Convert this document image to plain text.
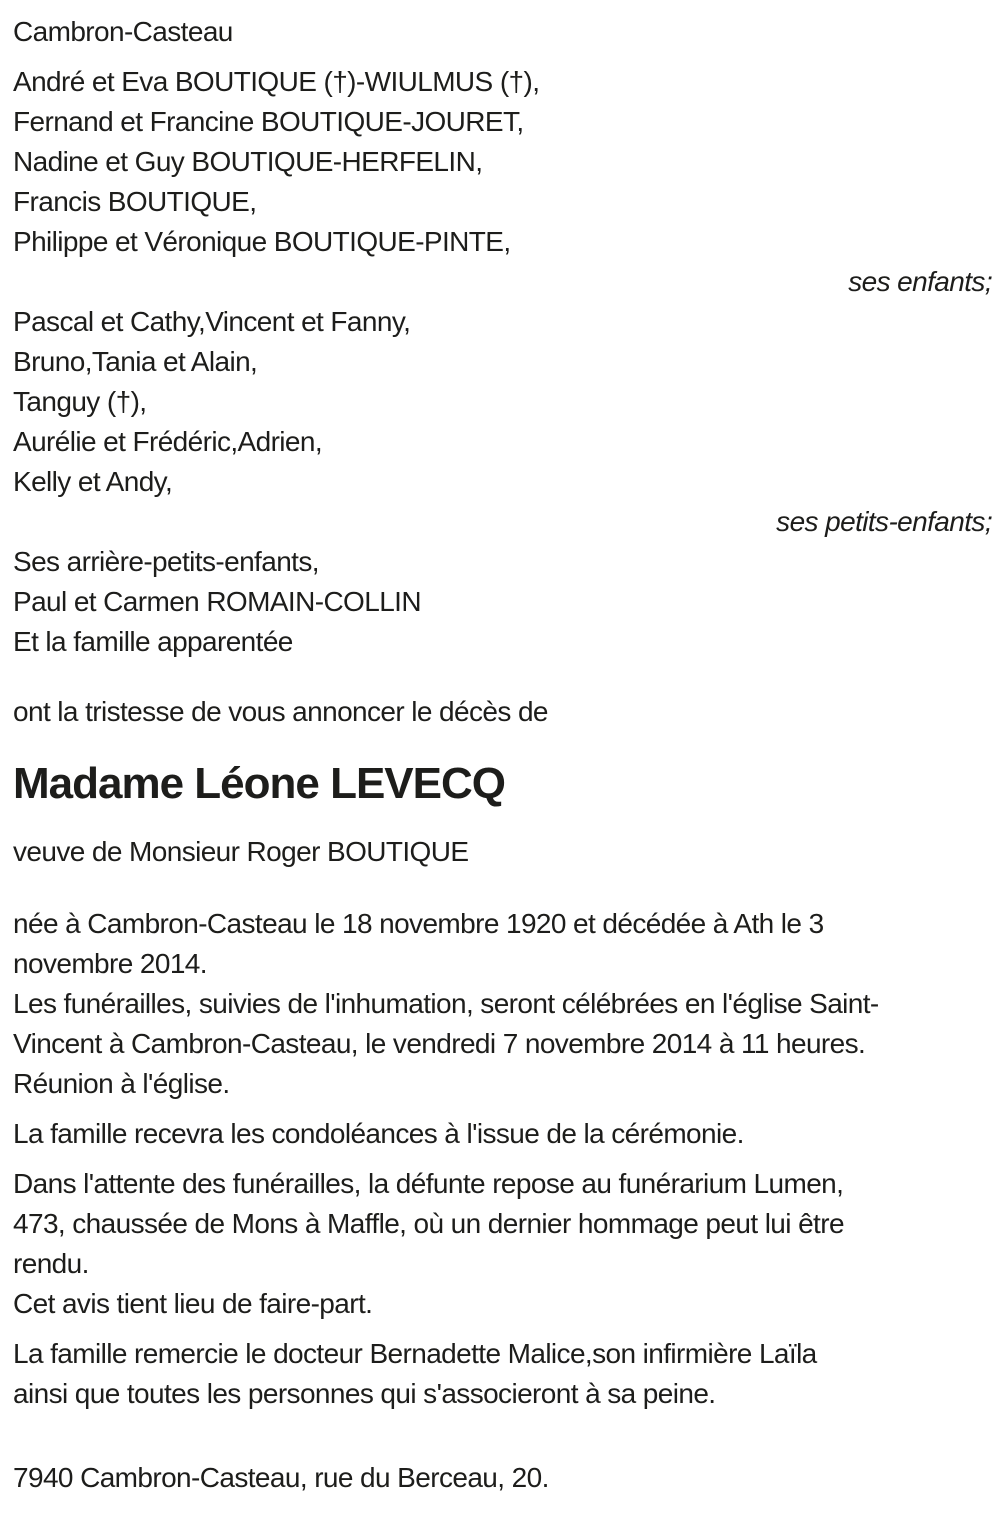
Cambron-Casteau

André et Eva BOUTIQUE (†)-WIULMUS (†),
Fernand et Francine BOUTIQUE-JOURET,
Nadine et Guy BOUTIQUE-HERFELIN,
Francis BOUTIQUE,
Philippe et Véronique BOUTIQUE-PINTE,

ses enfants;

Pascal et Cathy,Vincent et Fanny,
Bruno,Tania et Alain,
Tanguy (†),
Aurélie et Frédéric,Adrien,
Kelly et Andy,

ses petits-enfants;

Ses arrière-petits-enfants,
Paul et Carmen ROMAIN-COLLIN
Et la famille apparentée

ont la tristesse de vous annoncer le décès de

Madame Léone LEVECQ

veuve de Monsieur Roger BOUTIQUE

née à Cambron-Casteau le 18 novembre 1920 et décédée à Ath le 3
novembre 2014.
Les funérailles, suivies de l'inhumation, seront célébrées en l'église Saint-
Vincent à Cambron-Casteau, le vendredi 7 novembre 2014 à 11 heures.

Réunion à l'église.

La famille recevra les condoléances à l'issue de la cérémonie.

Dans l'attente des funérailles, la défunte repose au funérarium Lumen,
473, chaussée de Mons à Maffle, où un dernier hommage peut lui être
rendu.

Cet avis tient lieu de faire-part.

La famille remercie le docteur Bernadette Malice,son infirmière Laïla
ainsi que toutes les personnes qui s'associeront à sa peine.

7940 Cambron-Casteau, rue du Berceau, 20.
